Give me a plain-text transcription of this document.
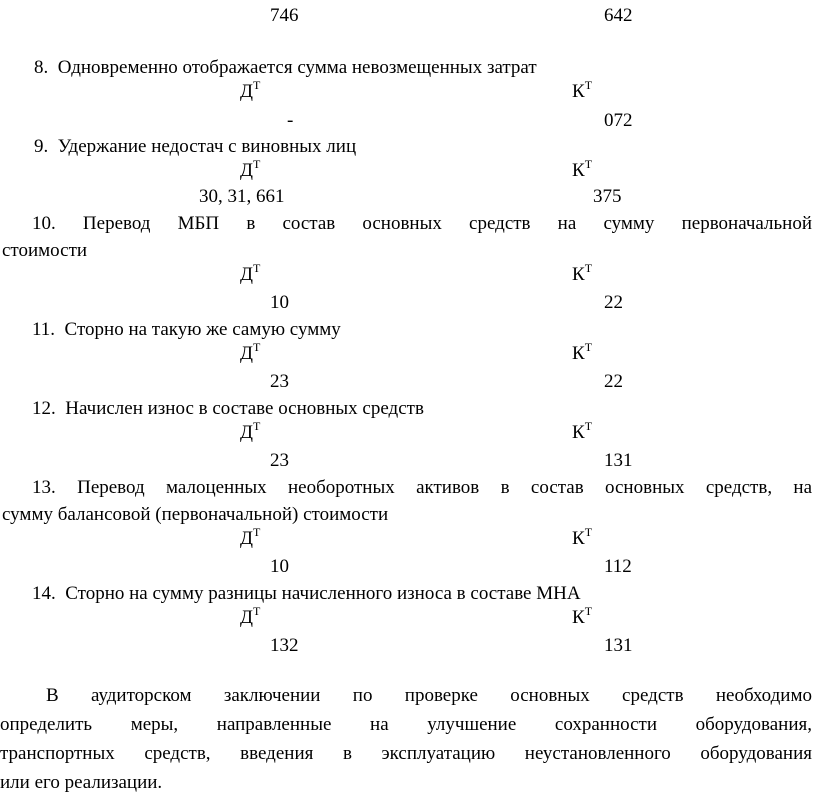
746	642
8. Одновременно отображается сумма невозмещенных затрат
$Д^Т$	$К^Т$
-	072
9. Удержание недостач с виновных лиц
$Д^Т$	$К^Т$
30, 31, 661	375
10. Перевод МБП в состав основных средств на сумму первоначальной
стоимости
$Д^Т$	$К^Т$
10	22
11. Сторно на такую же самую сумму
$Д^Т$	$К^Т$
23	22
12. Начислен износ в составе основных средств
$Д^Т$	$К^Т$
23	131
13. Перевод малоценных необоротных активов в состав основных средств, на
сумму балансовой (первоначальной) стоимости
$Д^Т$	$К^Т$
10	112
14. Сторно на сумму разницы начисленного износа в составе МНА
$Д^Т$	$К^Т$
132	131
В аудиторском заключении по проверке основных средств необходимо
определить меры, направленные на улучшение сохранности оборудования,
транспортных средств, введения в эксплуатацию неустановленного оборудования
или его реализации.
